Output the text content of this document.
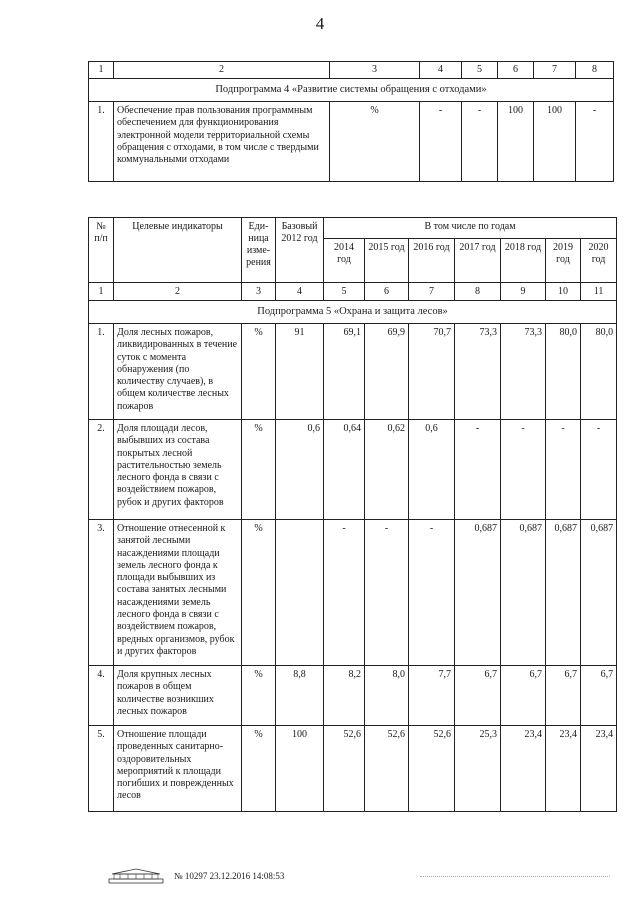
4
1	2	3	4	5	6	7	8
Подпрограмма 4 «Развитие системы обращения с отходами»							
1.	Обеспечение прав пользования программным обеспечением для функционирования электронной модели территориальной схемы обращения с отходами, в том числе с твердыми коммунальными отходами	%	-	-	100	100	-
№ п/п	Целевые индикаторы	Еди-ница изме-рения	Базовый 2012 год	В том числе по годам						
				2014 год	2015 год	2016 год	2017 год	2018 год	2019 год	2020 год
1	2	3	4	5	6	7	8	9	10	11
Подпрограмма 5 «Охрана и защита лесов»										
1.	Доля лесных пожаров, ликвидированных в течение суток с момента обнаружения (по количеству случаев), в общем количестве лесных пожаров	%	91	69,1	69,9	70,7	73,3	73,3	80,0	80,0
2.	Доля площади лесов, выбывших из состава покрытых лесной растительностью земель лесного фонда в связи с воздействием пожаров, рубок и других факторов	%	0,6	0,64	0,62	0,6	-	-	-	-
3.	Отношение отнесенной к занятой лесными насаждениями площади земель лесного фонда к площади выбывших из состава занятых лесными насаждениями земель лесного фонда в связи с воздействием пожаров, вредных организмов, рубок и других факторов	%		-	-	-	0,687	0,687	0,687	0,687
4.	Доля крупных лесных пожаров в общем количестве возникших лесных пожаров	%	8,8	8,2	8,0	7,7	6,7	6,7	6,7	6,7
5.	Отношение площади проведенных санитарно-оздоровительных мероприятий к площади погибших и поврежденных лесов	%	100	52,6	52,6	52,6	25,3	23,4	23,4	23,4
№ 10297 23.12.2016 14:08:53
